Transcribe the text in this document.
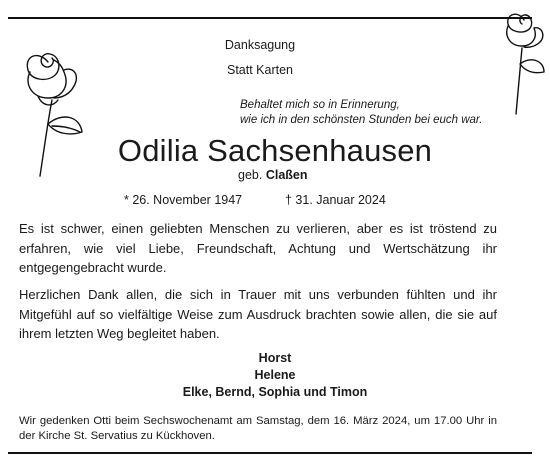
Danksagung
Statt Karten
Behaltet mich so in Erinnerung,
wie ich in den schönsten Stunden bei euch war.
Odilia Sachsenhausen
geb. Claßen
* 26. November 1947	† 31. Januar 2024
Es ist schwer, einen geliebten Menschen zu verlieren, aber es ist tröstend zu erfahren, wie viel Liebe, Freundschaft, Achtung und Wertschätzung ihr entgegengebracht wurde.
Herzlichen Dank allen, die sich in Trauer mit uns verbunden fühlten und ihr Mitgefühl auf so vielfältige Weise zum Ausdruck brachten sowie allen, die sie auf ihrem letzten Weg begleitet haben.
Horst
Helene
Elke, Bernd, Sophia und Timon
Wir gedenken Otti beim Sechswochenamt am Samstag, dem 16. März 2024, um 17.00 Uhr in der Kirche St. Servatius zu Kückhoven.
